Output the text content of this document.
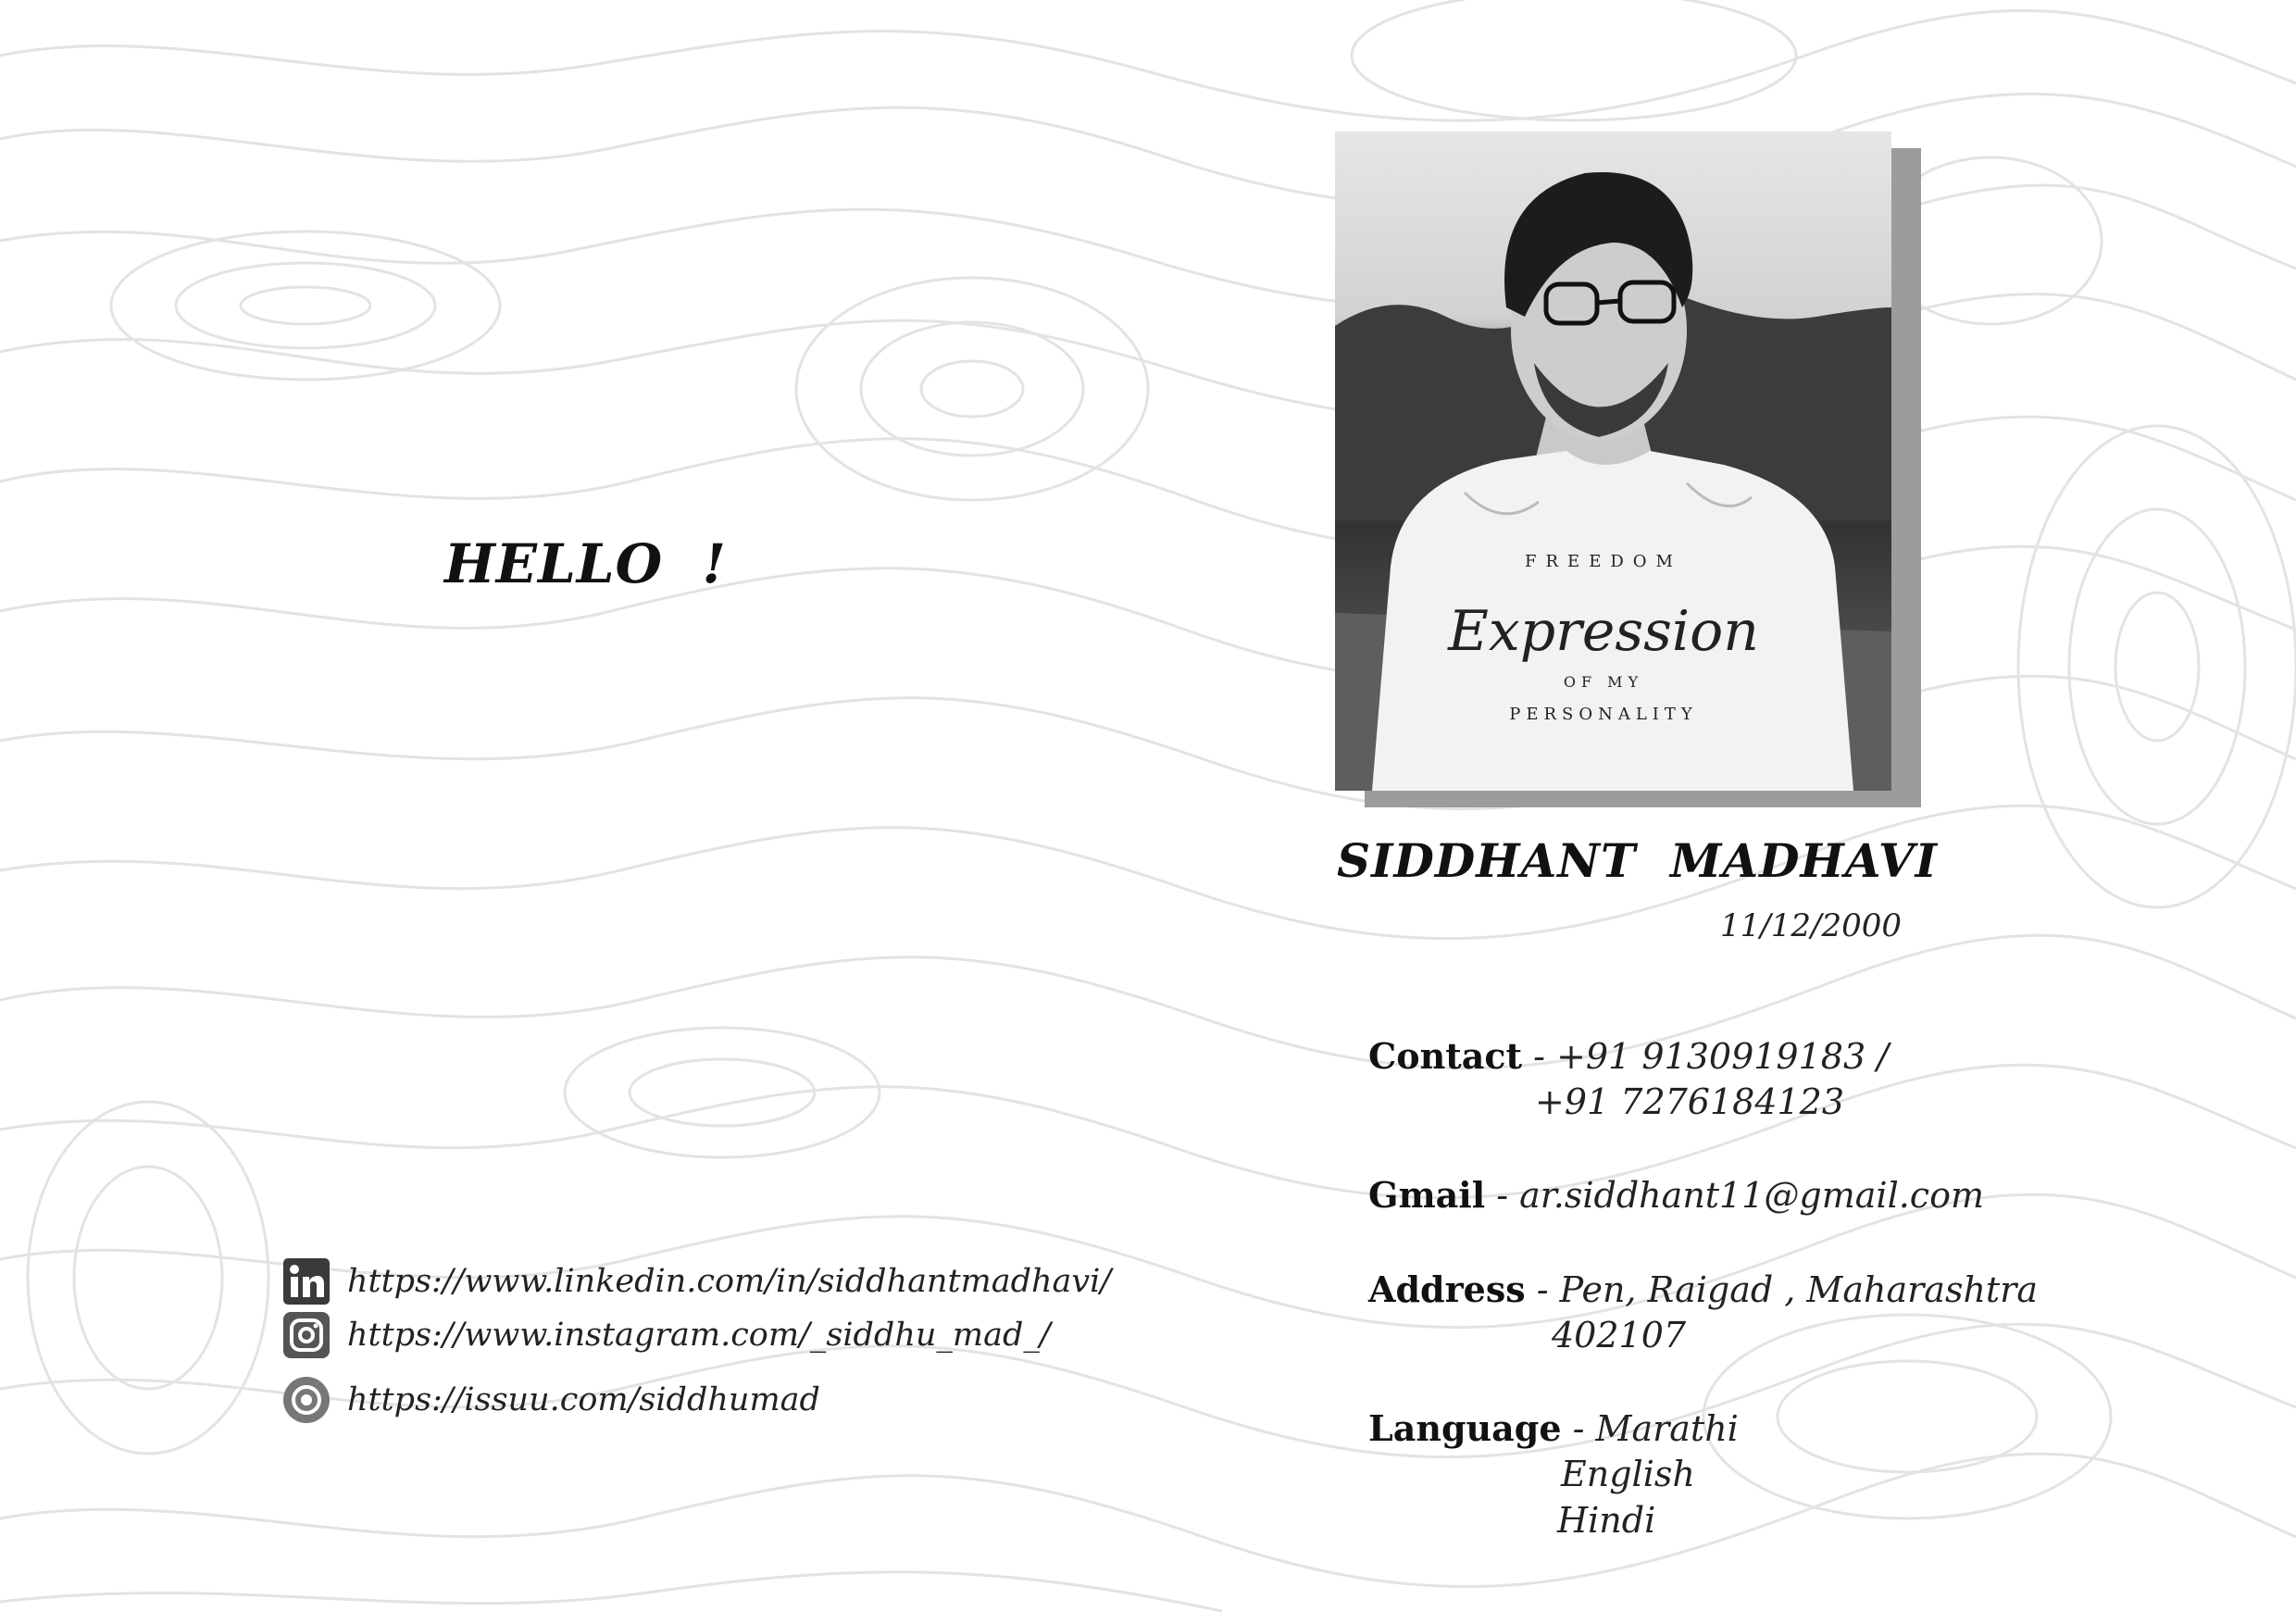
HELLO  !	FREEDOM
Expression
OF MY
PERSONALITY
SIDDHANT  MADHAVI
11/12/2000
Contact - +91 9130919183 /
+91 7276184123
Gmail - ar.siddhant11@gmail.com
Address - Pen, Raigad , Maharashtra
402107
Language - Marathi
English
Hindi
https://www.linkedin.com/in/siddhantmadhavi/
https://www.instagram.com/_siddhu_mad_/
https://issuu.com/siddhumad
